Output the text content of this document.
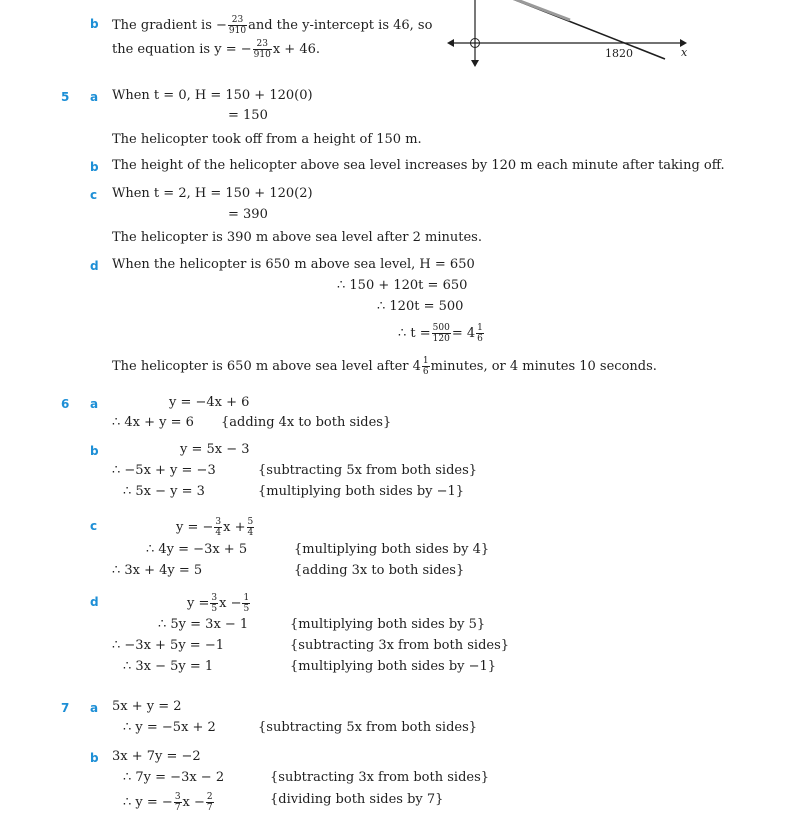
1820	x
b The gradient is − $\frac{23}{910}$ and the y-intercept is 46, so
the equation is y = − $\frac{23}{910}$ x + 46.
5 a When t = 0, H = 150 + 120(0)
= 150
The helicopter took off from a height of 150 m.
b The height of the helicopter above sea level increases by 120 m each minute after taking off.
c When t = 2, H = 150 + 120(2)
= 390
The helicopter is 390 m above sea level after 2 minutes.
d When the helicopter is 650 m above sea level, H = 650
∴ 150 + 120t = 650
∴ 120t = 500
∴ $t = \frac{500}{120} = 4 \frac{1}{6}$
The helicopter is 650 m above sea level after $4 \frac{1}{6}$ minutes, or 4 minutes 10 seconds.
6 a	y = −4x + 6
∴ 4x + y = 6 {adding 4x to both sides}
b	y = 5x − 3
∴ −5x + y = −3	{subtracting 5x from both sides}
∴ 5x − y = 3	{multiplying both sides by −1}
c	y = − $\frac{3}{4}$ $x + \frac{5}{4}$
∴ 4y = −3x + 5	{multiplying both sides by 4}
∴ 3x + 4y = 5	{adding 3x to both sides}
d	$y = \frac{3}{5}$ $x - \frac{1}{5}$
∴ 5y = 3x − 1	{multiplying both sides by 5}
∴ −3x + 5y = −1	{subtracting 3x from both sides}
∴ 3x − 5y = 1	{multiplying both sides by −1}
7 a 5x + y = 2
∴ y = −5x + 2	{subtracting 5x from both sides}
b 3x + 7y = −2
∴ 7y = −3x − 2	{subtracting 3x from both sides}
∴ y = − $\frac{3}{7}$ $x - \frac{2}{7}$	{dividing both sides by 7}
